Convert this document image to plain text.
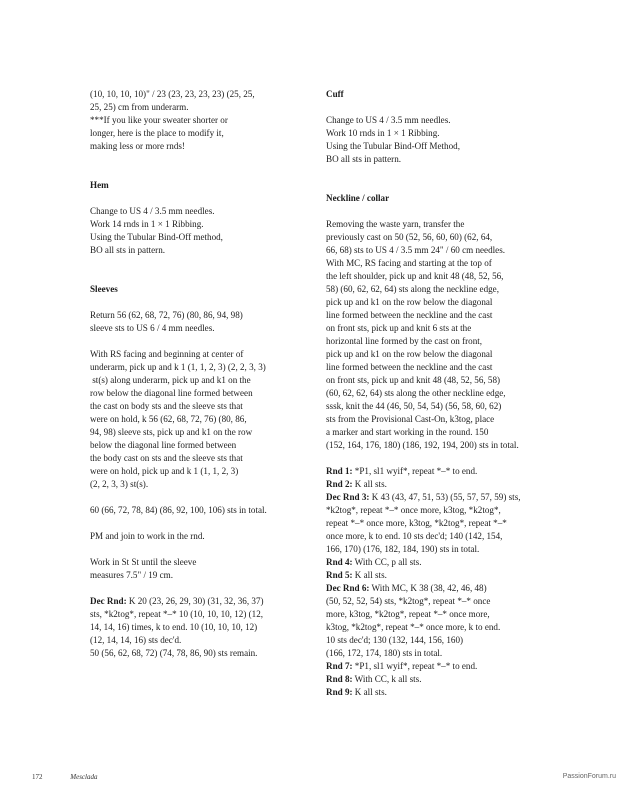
(10, 10, 10, 10)" / 23 (23, 23, 23, 23) (25, 25,

25, 25) cm from underarm.

***If you like your sweater shorter or

longer, here is the place to modify it,

making less or more rnds!

Hem

Change to US 4 / 3.5 mm needles.

Work 14 rnds in 1 × 1 Ribbing.

Using the Tubular Bind-Off method,

BO all sts in pattern.

Sleeves

Return 56 (62, 68, 72, 76) (80, 86, 94, 98)

sleeve sts to US 6 / 4 mm needles.

With RS facing and beginning at center of

underarm, pick up and k 1 (1, 1, 2, 3) (2, 2, 3, 3)

st(s) along underarm, pick up and k1 on the

row below the diagonal line formed between

the cast on body sts and the sleeve sts that

were on hold, k 56 (62, 68, 72, 76) (80, 86,

94, 98) sleeve sts, pick up and k1 on the row

below the diagonal line formed between

the body cast on sts and the sleeve sts that

were on hold, pick up and k 1 (1, 1, 2, 3)

(2, 2, 3, 3) st(s).

60 (66, 72, 78, 84) (86, 92, 100, 106) sts in total.

PM and join to work in the rnd.

Work in St St until the sleeve

measures 7.5" / 19 cm.

Dec Rnd: K 20 (23, 26, 29, 30) (31, 32, 36, 37)

sts, *k2tog*, repeat *–* 10 (10, 10, 10, 12) (12,

14, 14, 16) times, k to end. 10 (10, 10, 10, 12)

(12, 14, 14, 16) sts dec'd.

50 (56, 62, 68, 72) (74, 78, 86, 90) sts remain.

Cuff

Change to US 4 / 3.5 mm needles.

Work 10 rnds in 1 × 1 Ribbing.

Using the Tubular Bind-Off Method,

BO all sts in pattern.

Neckline / collar

Removing the waste yarn, transfer the

previously cast on 50 (52, 56, 60, 60) (62, 64,

66, 68) sts to US 4 / 3.5 mm 24" / 60 cm needles.

With MC, RS facing and starting at the top of

the left shoulder, pick up and knit 48 (48, 52, 56,

58) (60, 62, 62, 64) sts along the neckline edge,

pick up and k1 on the row below the diagonal

line formed between the neckline and the cast

on front sts, pick up and knit 6 sts at the

horizontal line formed by the cast on front,

pick up and k1 on the row below the diagonal

line formed between the neckline and the cast

on front sts, pick up and knit 48 (48, 52, 56, 58)

(60, 62, 62, 64) sts along the other neckline edge,

sssk, knit the 44 (46, 50, 54, 54) (56, 58, 60, 62)

sts from the Provisional Cast-On, k3tog, place

a marker and start working in the round. 150

(152, 164, 176, 180) (186, 192, 194, 200) sts in total.

Rnd 1: *P1, sl1 wyif*, repeat *–* to end.

Rnd 2: K all sts.

Dec Rnd 3: K 43 (43, 47, 51, 53) (55, 57, 57, 59) sts,

*k2tog*, repeat *–* once more, k3tog, *k2tog*,

repeat *–* once more, k3tog, *k2tog*, repeat *–*

once more, k to end. 10 sts dec'd; 140 (142, 154,

166, 170) (176, 182, 184, 190) sts in total.

Rnd 4: With CC, p all sts.

Rnd 5: K all sts.

Dec Rnd 6: With MC, K 38 (38, 42, 46, 48)

(50, 52, 52, 54) sts, *k2tog*, repeat *–* once

more, k3tog, *k2tog*, repeat *–* once more,

k3tog, *k2tog*, repeat *–* once more, k to end.

10 sts dec'd; 130 (132, 144, 156, 160)

(166, 172, 174, 180) sts in total.

Rnd 7: *P1, sl1 wyif*, repeat *–* to end.

Rnd 8: With CC, k all sts.

Rnd 9: K all sts.

172	Mesclada	PassionForum.ru
